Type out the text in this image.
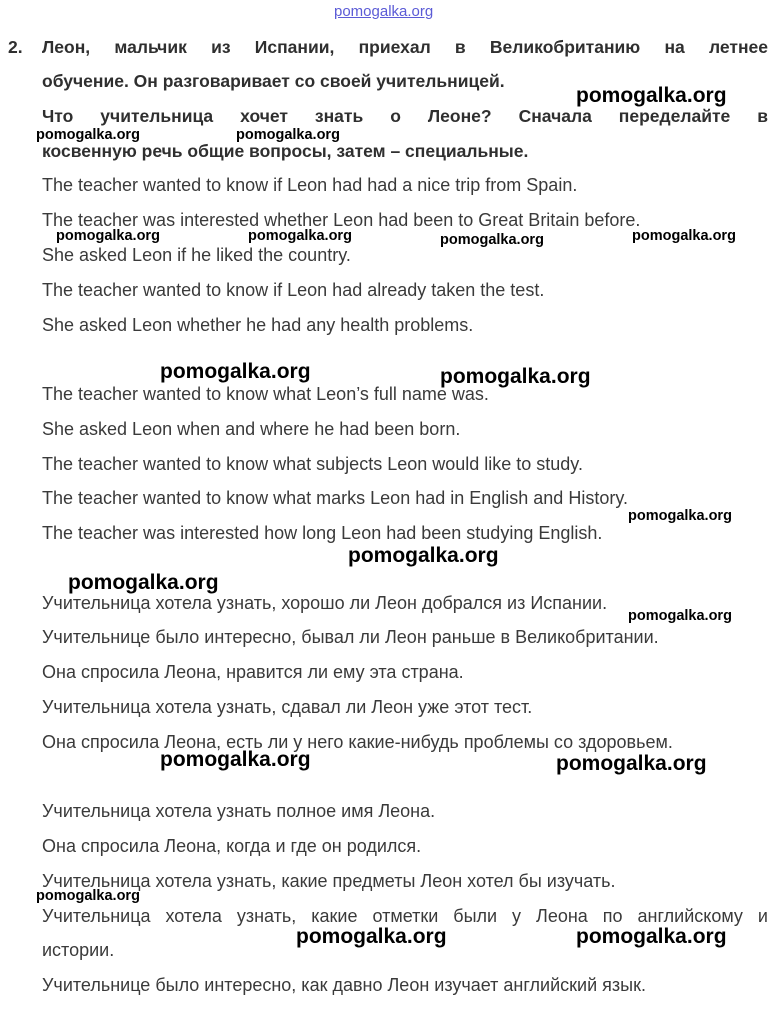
pomogalka.org
2. Леон, мальчик из Испании, приехал в Великобританию на летнее
обучение. Он разговаривает со своей учительницей.
Что учительница хочет знать о Леоне? Сначала переделайте в
косвенную речь общие вопросы, затем – специальные.
The teacher wanted to know if Leon had had a nice trip from Spain.
The teacher was interested whether Leon had been to Great Britain before.
She asked Leon if he liked the country.
The teacher wanted to know if Leon had already taken the test.
She asked Leon whether he had any health problems.
The teacher wanted to know what Leon’s full name was.
She asked Leon when and where he had been born.
The teacher wanted to know what subjects Leon would like to study.
The teacher wanted to know what marks Leon had in English and History.
The teacher was interested how long Leon had been studying English.
Учительница хотела узнать, хорошо ли Леон добрался из Испании.
Учительнице было интересно, бывал ли Леон раньше в Великобритании.
Она спросила Леона, нравится ли ему эта страна.
Учительница хотела узнать, сдавал ли Леон уже этот тест.
Она спросила Леона, есть ли у него какие-нибудь проблемы со здоровьем.
Учительница хотела узнать полное имя Леона.
Она спросила Леона, когда и где он родился.
Учительница хотела узнать, какие предметы Леон хотел бы изучать.
Учительница хотела узнать, какие отметки были у Леона по английскому и
истории.
Учительнице было интересно, как давно Леон изучает английский язык.
pomogalka.org
pomogalka.org	pomogalka.org
pomogalka.org	pomogalka.org	pomogalka.org	pomogalka.org
pomogalka.org	pomogalka.org
pomogalka.org
pomogalka.org
pomogalka.org
pomogalka.org
pomogalka.org	pomogalka.org
pomogalka.org
pomogalka.org	pomogalka.org
